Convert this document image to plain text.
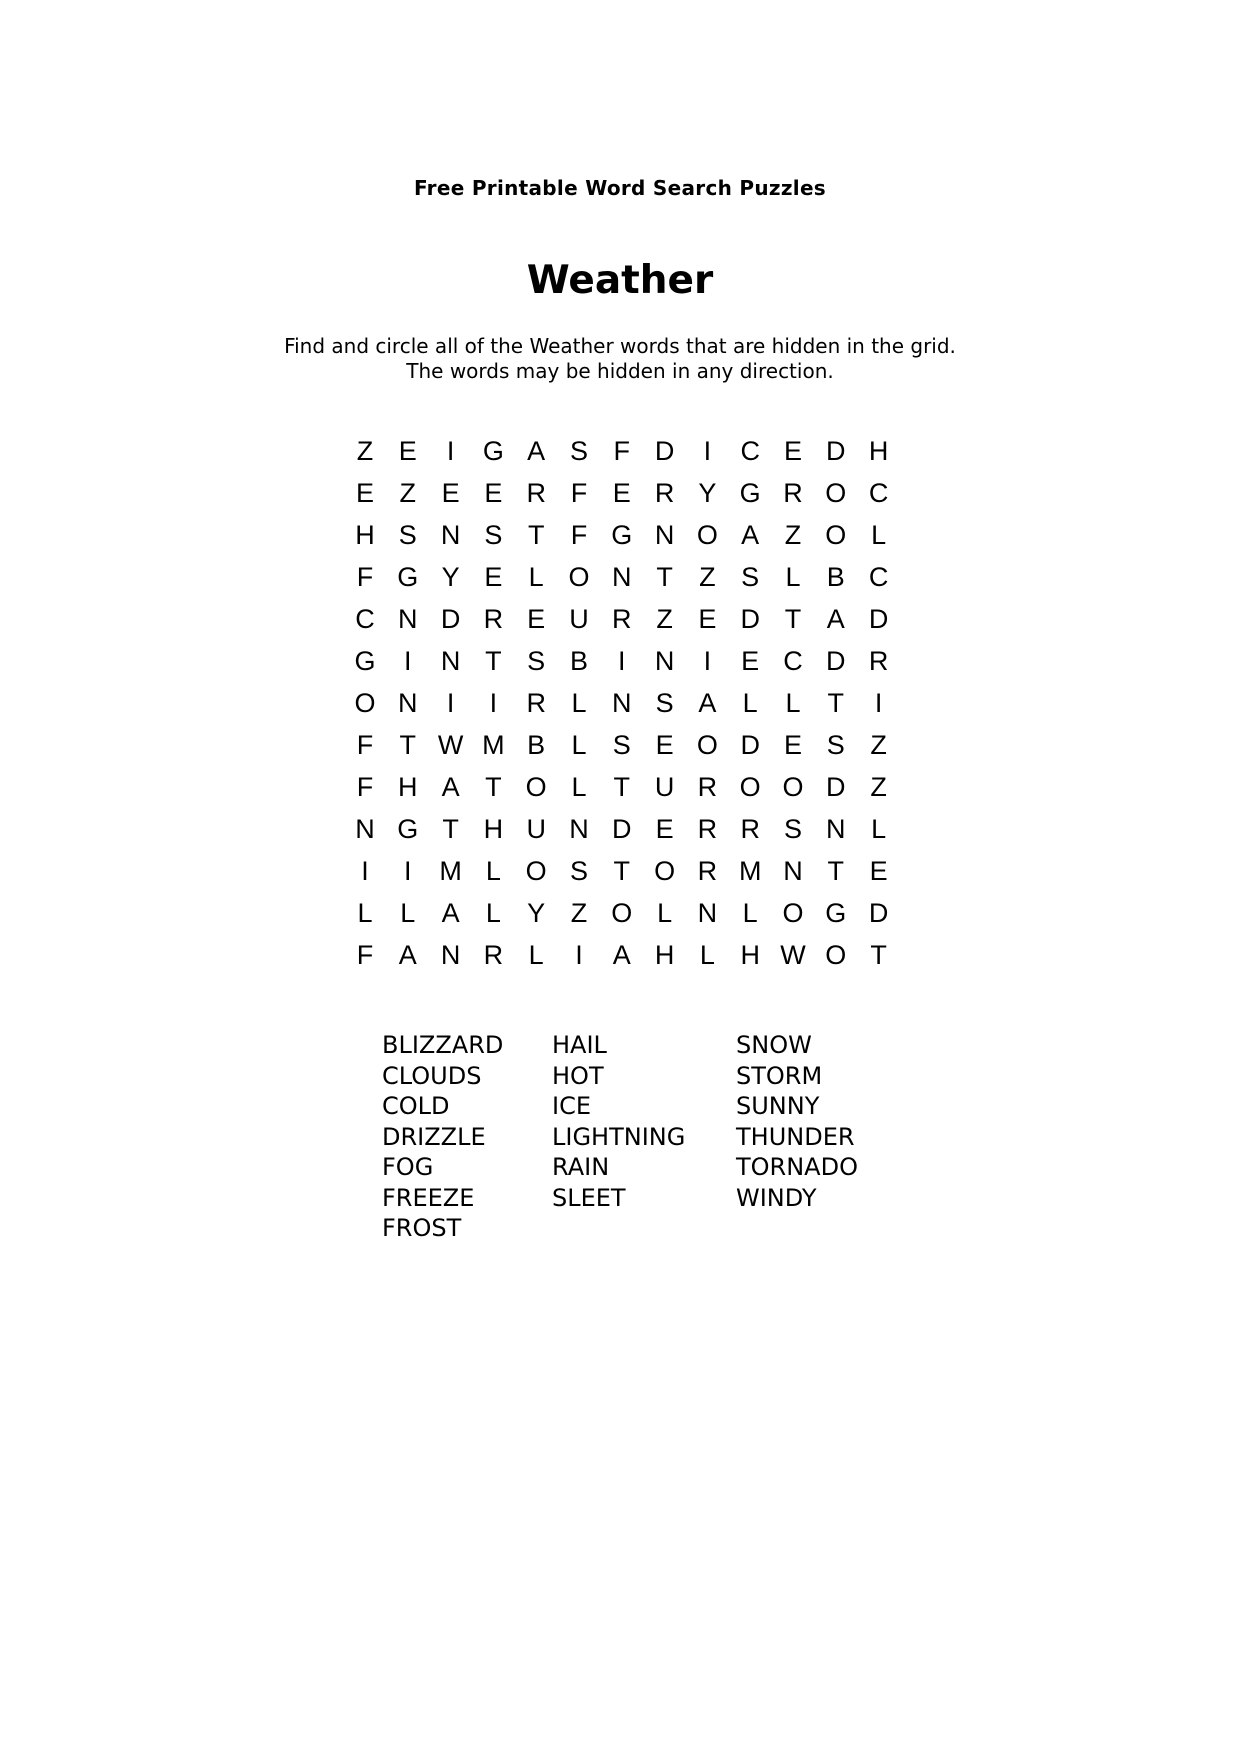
Free Printable Word Search Puzzles
Weather
Find and circle all of the Weather words that are hidden in the grid.
The words may be hidden in any direction.
Z E	I	G A S F D	I	C E D H
E Z E E R F E R Y G R O C
H S N S T F G N O A Z O L
F G Y E L O N T Z S L B C
C N D R E U R Z E D T A D
G	I	N T S B	I	N	I	E C D R
O N	I	I	R L N S A L	L	T	I
F T W M B L S E O D E S Z
F H A T O L	T U R O O D Z
N G T H U N D E R R S N L
I	I	M L O S T O R M N T E
L	L A L Y Z O L N L O G D
F A N R L	I	A H L H W O T
BLIZZARD
CLOUDS
COLD
DRIZZLE
FOG
FREEZE
FROST
HAIL
HOT
ICE
LIGHTNING
RAIN
SLEET
SNOW
STORM
SUNNY
THUNDER
TORNADO
WINDY
